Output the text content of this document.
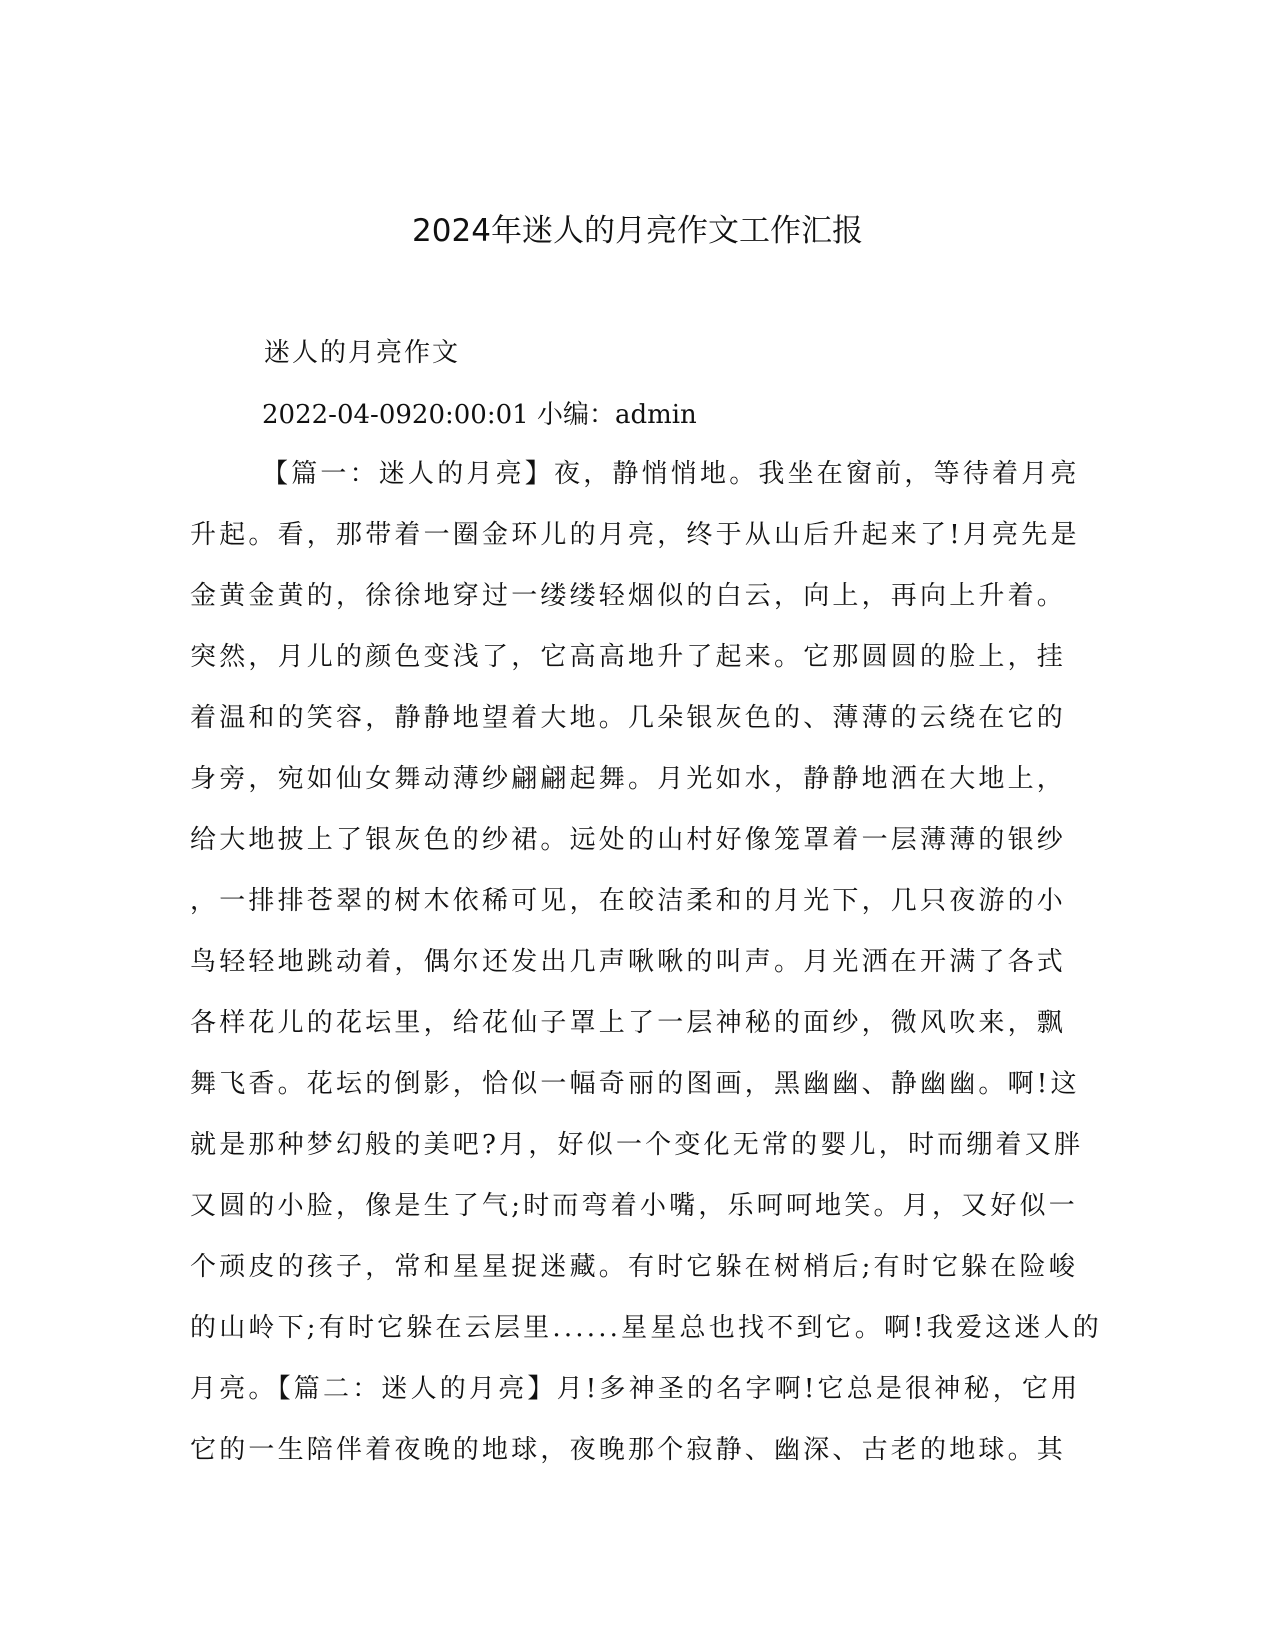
2024年迷人的月亮作文工作汇报
迷人的月亮作文
2022-04-0920:00:01 小编：admin
【篇一：迷人的月亮】夜，静悄悄地。我坐在窗前，等待着月亮
升起。看，那带着一圈金环儿的月亮，终于从山后升起来了!月亮先是
金黄金黄的，徐徐地穿过一缕缕轻烟似的白云，向上，再向上升着。
突然，月儿的颜色变浅了，它高高地升了起来。它那圆圆的脸上，挂
着温和的笑容，静静地望着大地。几朵银灰色的、薄薄的云绕在它的
身旁，宛如仙女舞动薄纱翩翩起舞。月光如水，静静地洒在大地上，
给大地披上了银灰色的纱裙。远处的山村好像笼罩着一层薄薄的银纱
，一排排苍翠的树木依稀可见，在皎洁柔和的月光下，几只夜游的小
鸟轻轻地跳动着，偶尔还发出几声啾啾的叫声。月光洒在开满了各式
各样花儿的花坛里，给花仙子罩上了一层神秘的面纱，微风吹来，飘
舞飞香。花坛的倒影，恰似一幅奇丽的图画，黑幽幽、静幽幽。啊!这
就是那种梦幻般的美吧?月，好似一个变化无常的婴儿，时而绷着又胖
又圆的小脸，像是生了气;时而弯着小嘴，乐呵呵地笑。月，又好似一
个顽皮的孩子，常和星星捉迷藏。有时它躲在树梢后;有时它躲在险峻
的山岭下;有时它躲在云层里......星星总也找不到它。啊!我爱这迷人的
月亮。【篇二：迷人的月亮】月!多神圣的名字啊!它总是很神秘，它用
它的一生陪伴着夜晚的地球，夜晚那个寂静、幽深、古老的地球。其
